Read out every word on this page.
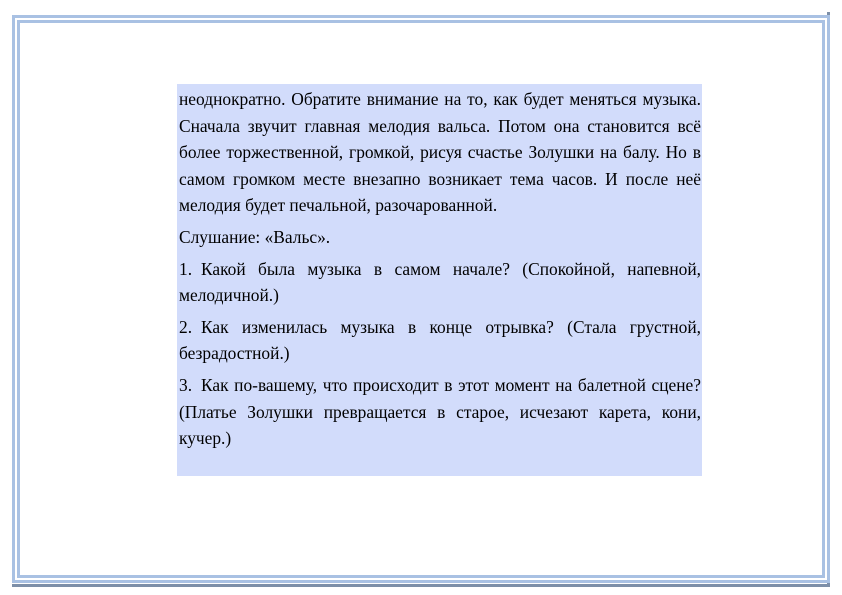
неоднократно. Обратите внимание на то, как будет меняться музыка. Сначала звучит главная мелодия вальса. Потом она становится всё более торжественной, громкой, рисуя счастье Золушки на балу. Но в самом громком месте внезапно возникает тема часов. И после неё мелодия будет печальной, разочарованной.

Слушание: «Вальс».

1. Какой была музыка в самом начале? (Спокойной, напевной, мелодичной.)

2. Как изменилась музыка в конце отрывка? (Стала грустной, безрадостной.)

3. Как по-вашему, что происходит в этот момент на балетной сцене? (Платье Золушки превращается в старое, исчезают карета, кони, кучер.)
